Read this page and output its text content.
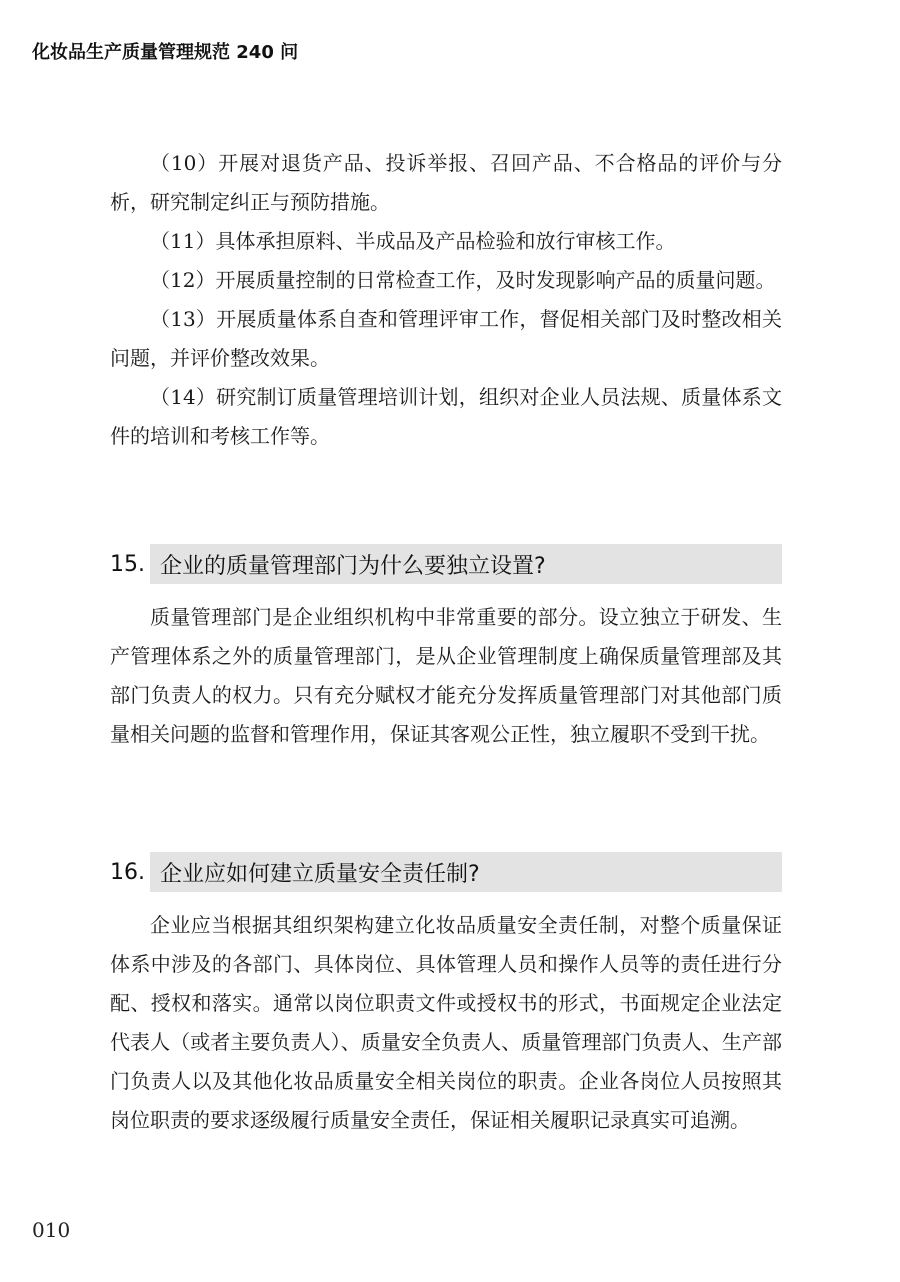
化妆品生产质量管理规范 240 问

（10）开展对退货产品、投诉举报、召回产品、不合格品的评价与分析，研究制定纠正与预防措施。

（11）具体承担原料、半成品及产品检验和放行审核工作。

（12）开展质量控制的日常检查工作，及时发现影响产品的质量问题。

（13）开展质量体系自查和管理评审工作，督促相关部门及时整改相关问题，并评价整改效果。

（14）研究制订质量管理培训计划，组织对企业人员法规、质量体系文件的培训和考核工作等。

15. 企业的质量管理部门为什么要独立设置?

质量管理部门是企业组织机构中非常重要的部分。设立独立于研发、生产管理体系之外的质量管理部门，是从企业管理制度上确保质量管理部及其部门负责人的权力。只有充分赋权才能充分发挥质量管理部门对其他部门质量相关问题的监督和管理作用，保证其客观公正性，独立履职不受到干扰。

16. 企业应如何建立质量安全责任制?

企业应当根据其组织架构建立化妆品质量安全责任制，对整个质量保证体系中涉及的各部门、具体岗位、具体管理人员和操作人员等的责任进行分配、授权和落实。通常以岗位职责文件或授权书的形式，书面规定企业法定代表人（或者主要负责人）、质量安全负责人、质量管理部门负责人、生产部门负责人以及其他化妆品质量安全相关岗位的职责。企业各岗位人员按照其岗位职责的要求逐级履行质量安全责任，保证相关履职记录真实可追溯。

010
